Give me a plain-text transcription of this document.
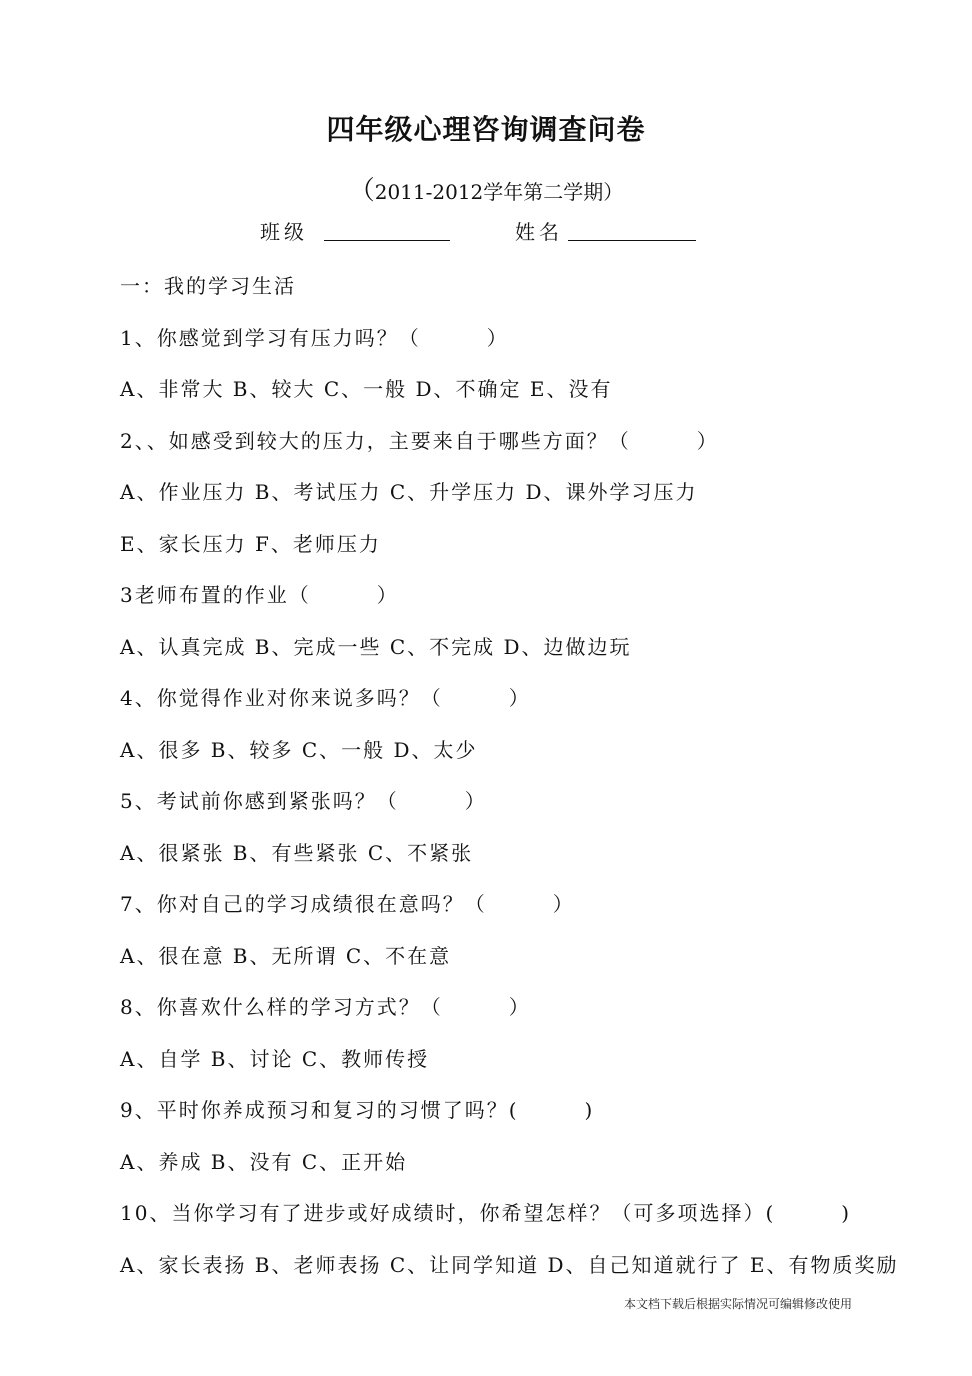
四年级心理咨询调查问卷
（2011-2012学年第二学期）
班级	姓名
一：我的学习生活
1、你感觉到学习有压力吗？（　　　）
A、非常大 B、较大 C、一般 D、不确定 E、没有
2、、如感受到较大的压力，主要来自于哪些方面？（　　　）
A、作业压力 B、考试压力 C、升学压力 D、课外学习压力
E、家长压力 F、老师压力
3老师布置的作业（　　　）
A、认真完成 B、完成一些 C、不完成 D、边做边玩
4、你觉得作业对你来说多吗？（　　　）
A、很多 B、较多 C、一般 D、太少
5、考试前你感到紧张吗？（　　　）
A、很紧张 B、有些紧张 C、不紧张
7、你对自己的学习成绩很在意吗？（　　　）
A、很在意 B、无所谓 C、不在意
8、你喜欢什么样的学习方式？（　　　）
A、自学 B、讨论 C、教师传授
9、平时你养成预习和复习的习惯了吗？(　　　)
A、养成 B、没有 C、正开始
10、当你学习有了进步或好成绩时，你希望怎样？（可多项选择）(　　　)
A、家长表扬 B、老师表扬 C、让同学知道 D、自己知道就行了 E、有物质奖励
本文档下载后根据实际情况可编辑修改使用
